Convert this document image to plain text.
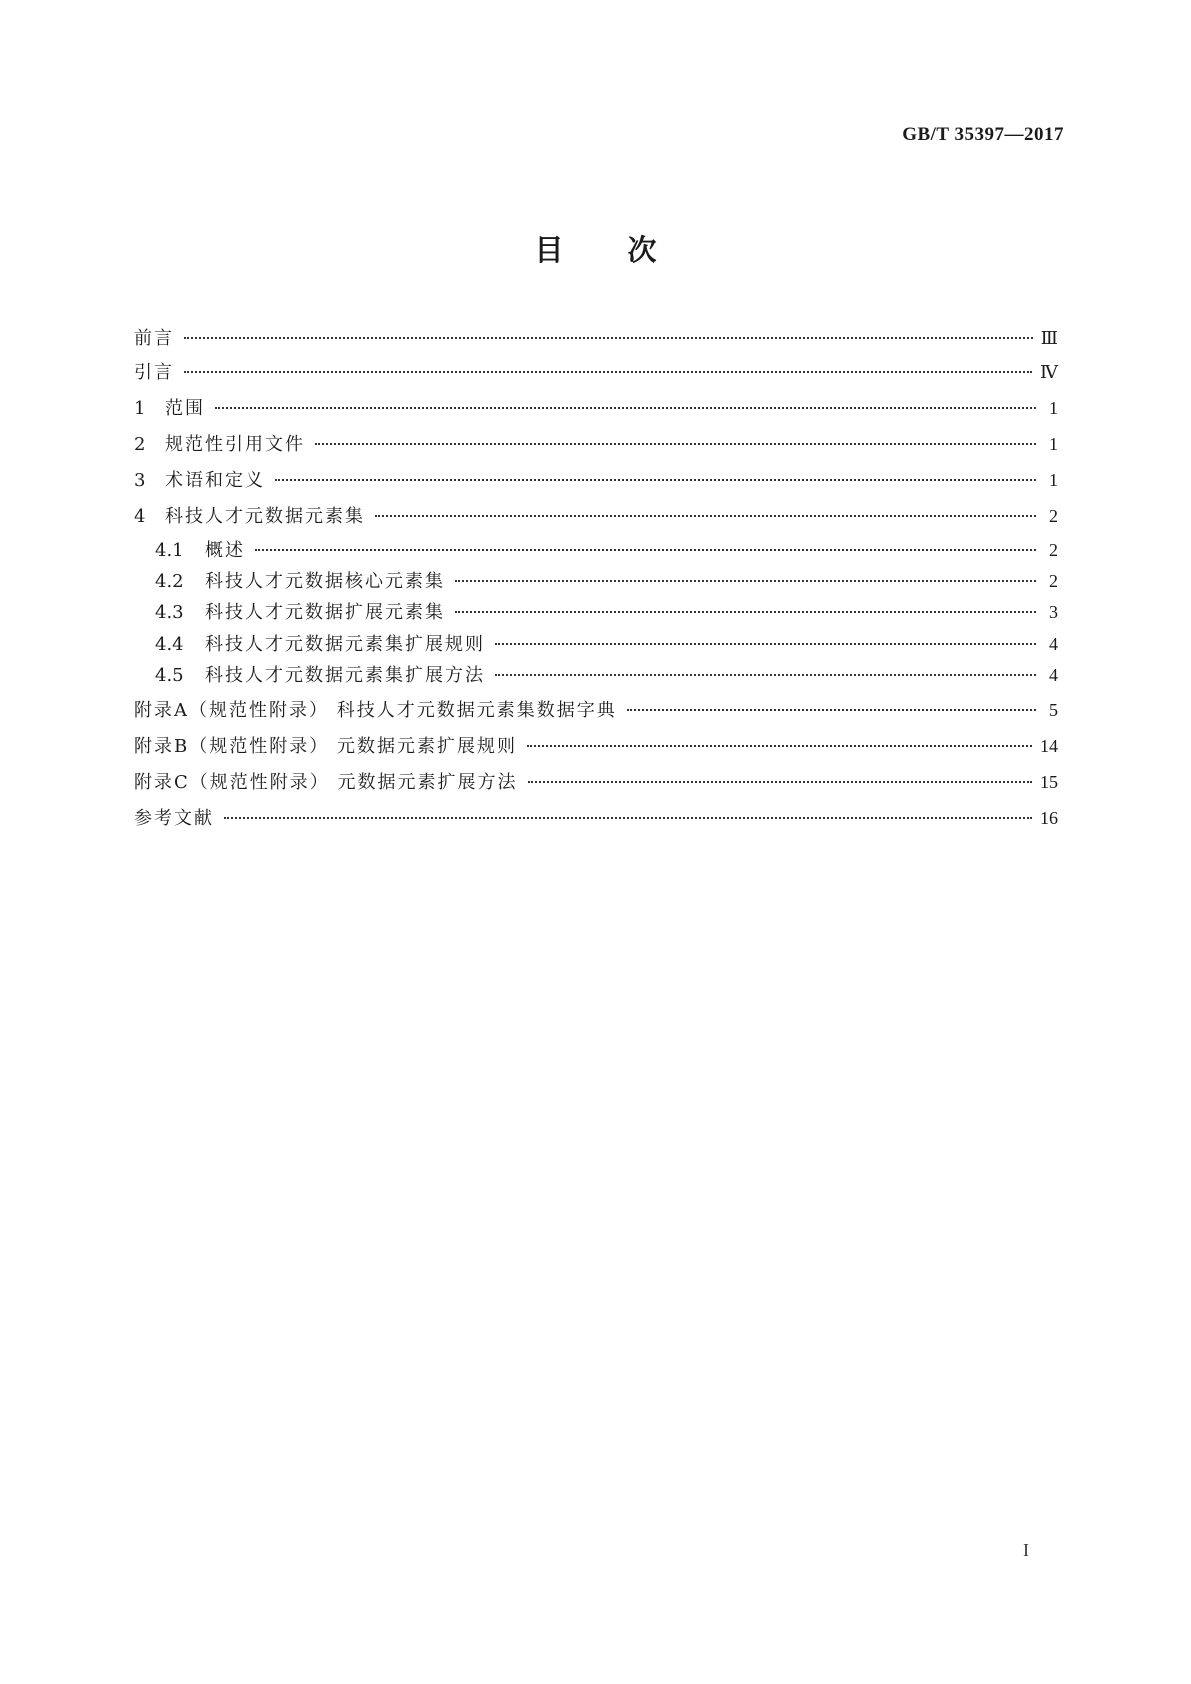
GB/T 35397—2017
目次
前言	Ⅲ
引言	Ⅳ
1	范围	1
2	规范性引用文件	1
3	术语和定义	1
4	科技人才元数据元素集	2
4.1	概述	2
4.2	科技人才元数据核心元素集	2
4.3	科技人才元数据扩展元素集	3
4.4	科技人才元数据元素集扩展规则	4
4.5	科技人才元数据元素集扩展方法	4
附录A（规范性附录） 科技人才元数据元素集数据字典	5
附录B（规范性附录） 元数据元素扩展规则	14
附录C（规范性附录） 元数据元素扩展方法	15
参考文献	16
I
